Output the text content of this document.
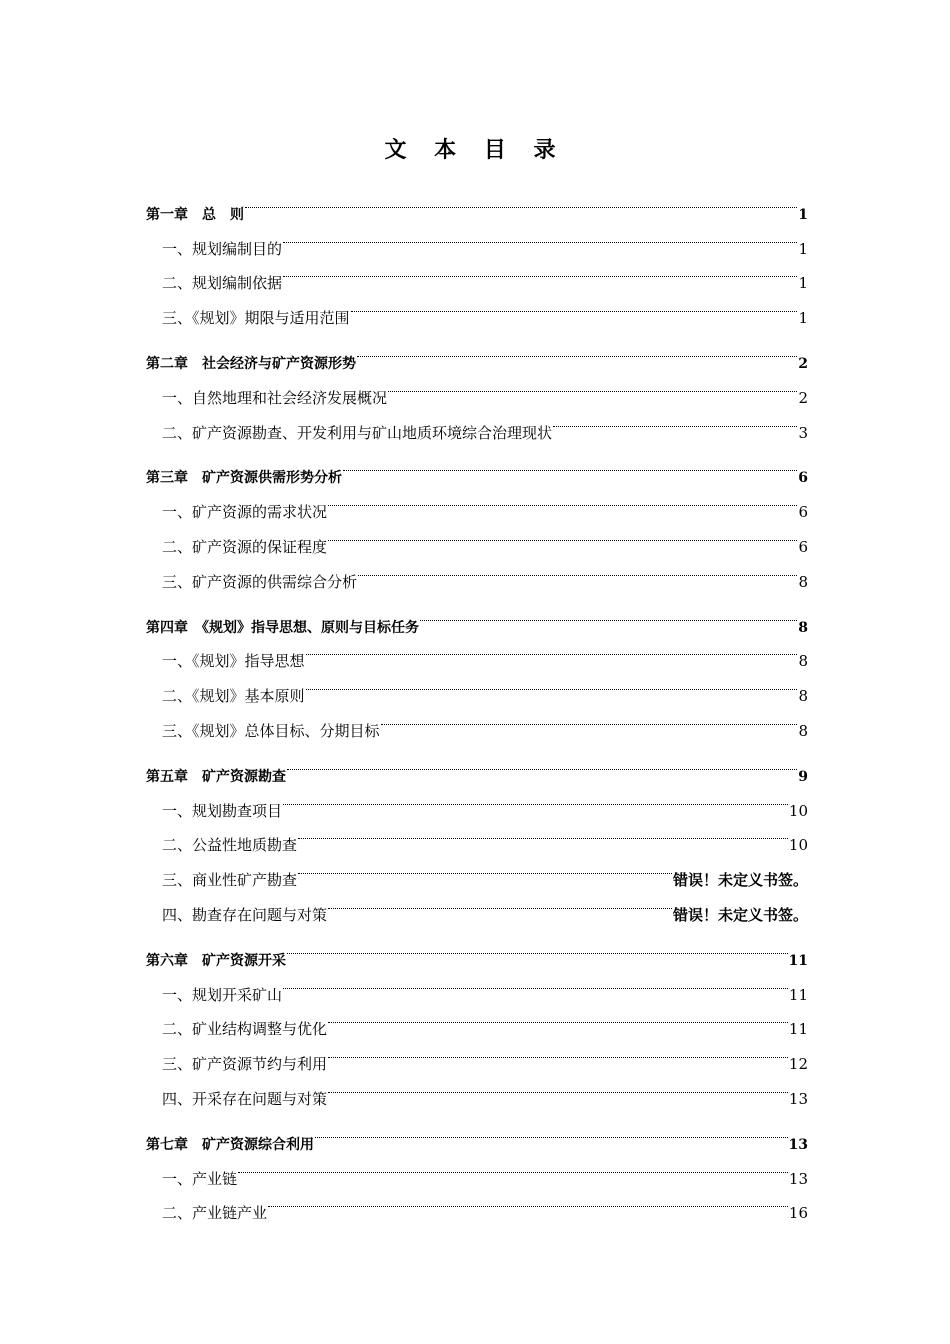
文 本 目 录
第一章　总　则	1
一、规划编制目的	1
二、规划编制依据	1
三、《规划》期限与适用范围	1
第二章　社会经济与矿产资源形势	2
一、自然地理和社会经济发展概况	2
二、矿产资源勘查、开发利用与矿山地质环境综合治理现状	3
第三章　矿产资源供需形势分析	6
一、矿产资源的需求状况	6
二、矿产资源的保证程度	6
三、矿产资源的供需综合分析	8
第四章　《规划》指导思想、原则与目标任务	8
一、《规划》指导思想	8
二、《规划》基本原则	8
三、《规划》总体目标、分期目标	8
第五章　矿产资源勘查	9
一、规划勘查项目	10
二、公益性地质勘查	10
三、商业性矿产勘查	错误！未定义书签。
四、勘查存在问题与对策	错误！未定义书签。
第六章　矿产资源开采	11
一、规划开采矿山	11
二、矿业结构调整与优化	11
三、矿产资源节约与利用	12
四、开采存在问题与对策	13
第七章　矿产资源综合利用	13
一、产业链	13
二、产业链产业	16
